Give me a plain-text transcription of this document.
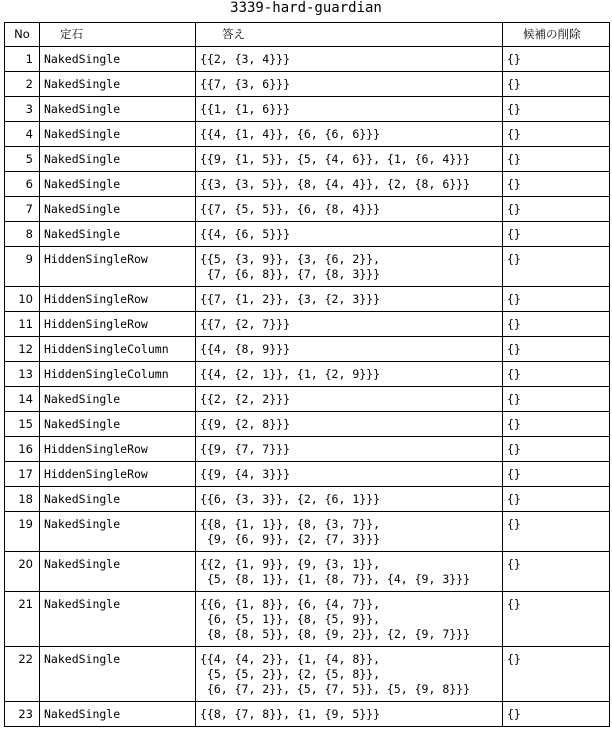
3339-hard-guardian
No	定石	答え	候補の削除
1	NakedSingle	{{2, {3, 4}}}	{}
2	NakedSingle	{{7, {3, 6}}}	{}
3	NakedSingle	{{1, {1, 6}}}	{}
4	NakedSingle	{{4, {1, 4}}, {6, {6, 6}}}	{}
5	NakedSingle	{{9, {1, 5}}, {5, {4, 6}}, {1, {6, 4}}}	{}
6	NakedSingle	{{3, {3, 5}}, {8, {4, 4}}, {2, {8, 6}}}	{}
7	NakedSingle	{{7, {5, 5}}, {6, {8, 4}}}	{}
8	NakedSingle	{{4, {6, 5}}}	{}
9	HiddenSingleRow	{{5, {3, 9}}, {3, {6, 2}},
{7, {6, 8}}, {7, {8, 3}}}	{}
10	HiddenSingleRow	{{7, {1, 2}}, {3, {2, 3}}}	{}
11	HiddenSingleRow	{{7, {2, 7}}}	{}
12	HiddenSingleColumn	{{4, {8, 9}}}	{}
13	HiddenSingleColumn	{{4, {2, 1}}, {1, {2, 9}}}	{}
14	NakedSingle	{{2, {2, 2}}}	{}
15	NakedSingle	{{9, {2, 8}}}	{}
16	HiddenSingleRow	{{9, {7, 7}}}	{}
17	HiddenSingleRow	{{9, {4, 3}}}	{}
18	NakedSingle	{{6, {3, 3}}, {2, {6, 1}}}	{}
19	NakedSingle	{{8, {1, 1}}, {8, {3, 7}},
{9, {6, 9}}, {2, {7, 3}}}	{}
20	NakedSingle	{{2, {1, 9}}, {9, {3, 1}},
{5, {8, 1}}, {1, {8, 7}}, {4, {9, 3}}}	{}
21	NakedSingle	{{6, {1, 8}}, {6, {4, 7}},
{6, {5, 1}}, {8, {5, 9}},
{8, {8, 5}}, {8, {9, 2}}, {2, {9, 7}}}	{}
22	NakedSingle	{{4, {4, 2}}, {1, {4, 8}},
{5, {5, 2}}, {2, {5, 8}},
{6, {7, 2}}, {5, {7, 5}}, {5, {9, 8}}}	{}
23	NakedSingle	{{8, {7, 8}}, {1, {9, 5}}}	{}
